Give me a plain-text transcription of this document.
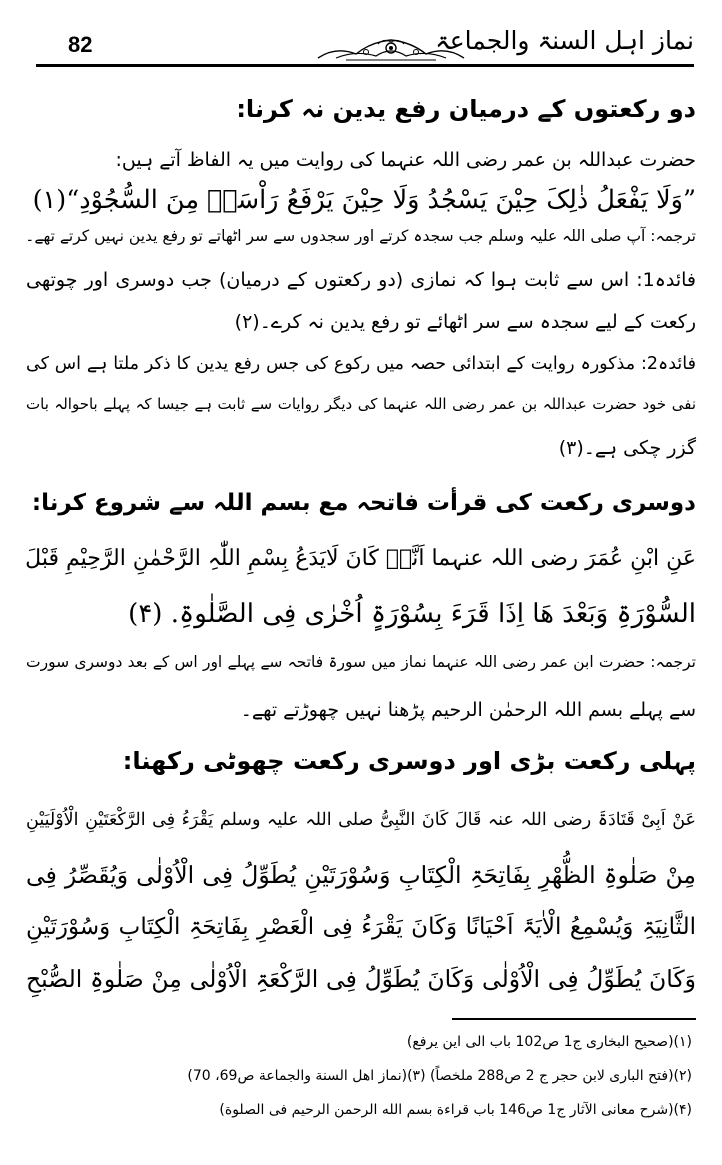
82	نماز اہل السنۃ والجماعۃ
دو رکعتوں کے درمیان رفع یدین نہ کرنا:
حضرت عبداللہ بن عمر رضی اللہ عنہما کی روایت میں یہ الفاظ آتے ہیں:
”وَلَا یَفْعَلُ ذٰلِکَ حِیْنَ یَسْجُدُ وَلَا حِیْنَ یَرْفَعُ رَاْسَہٗ مِنَ السُّجُوْدِ“(۱)
ترجمہ: آپ صلی اللہ علیہ وسلم جب سجدہ کرتے اور سجدوں سے سر اٹھاتے تو رفع یدین نہیں کرتے تھے۔
فائدہ1: اس سے ثابت ہوا کہ نمازی (دو رکعتوں کے درمیان) جب دوسری اور چوتھی
رکعت کے لیے سجدہ سے سر اٹھائے تو رفع یدین نہ کرے۔(۲)
فائدہ2: مذکورہ روایت کے ابتدائی حصہ میں رکوع کی جس رفع یدین کا ذکر ملتا ہے اس کی
نفی خود حضرت عبداللہ بن عمر رضی اللہ عنہما کی دیگر روایات سے ثابت ہے جیسا کہ پہلے باحوالہ بات
گزر چکی ہے۔(۳)
دوسری رکعت کی قرأت فاتحہ مع بسم اللہ سے شروع کرنا:
عَنِ ابْنِ عُمَرَ رضی اللہ عنہما اَنَّہٗ کَانَ لَایَدَعُ بِسْمِ اللّٰہِ الرَّحْمٰنِ الرَّحِیْمِ قَبْلَ
السُّوْرَۃِ وَبَعْدَ ھَا اِذَا قَرَءَ بِسُوْرَۃٍ اُخْرٰی فِی الصَّلٰوۃِ. (۴)
ترجمہ: حضرت ابن عمر رضی اللہ عنہما نماز میں سورۃ فاتحہ سے پہلے اور اس کے بعد دوسری سورت
سے پہلے بسم اللہ الرحمٰن الرحیم پڑھنا نہیں چھوڑتے تھے۔
پہلی رکعت بڑی اور دوسری رکعت چھوٹی رکھنا:
عَنْ اَبِیْ قَتَادَۃَ رضی اللہ عنہ قَالَ کَانَ النَّبِیُّ صلی اللہ علیہ وسلم یَقْرَءُ فِی الرَّکْعَتَیْنِ الْاُوْلَیَیْنِ
مِنْ صَلٰوۃِ الظُّھْرِ بِفَاتِحَۃِ الْکِتَابِ وَسُوْرَتَیْنِ یُطَوِّلُ فِی الْاُوْلٰی وَیُقَصِّرُ فِی
الثَّانِیَۃِ وَیُسْمِعُ الْاٰیَۃَ اَحْیَانًا وَکَانَ یَقْرَءُ فِی الْعَصْرِ بِفَاتِحَۃِ الْکِتَابِ وَسُوْرَتَیْنِ
وَکَانَ یُطَوِّلُ فِی الْاُوْلٰی وَکَانَ یُطَوِّلُ فِی الرَّکْعَۃِ الْاُوْلٰی مِنْ صَلٰوۃِ الصُّبْحِ
(۱)(صحیح البخاری ج1 ص102 باب الی این یرفع)
(۲)(فتح الباری لابن حجر ج 2 ص288 ملخصاً) (۳)(نماز اھل السنة والجماعة ص69، 70)
(۴)(شرح معانی الآثار ج1 ص146 باب قراءة بسم الله الرحمن الرحیم فی الصلوة)
